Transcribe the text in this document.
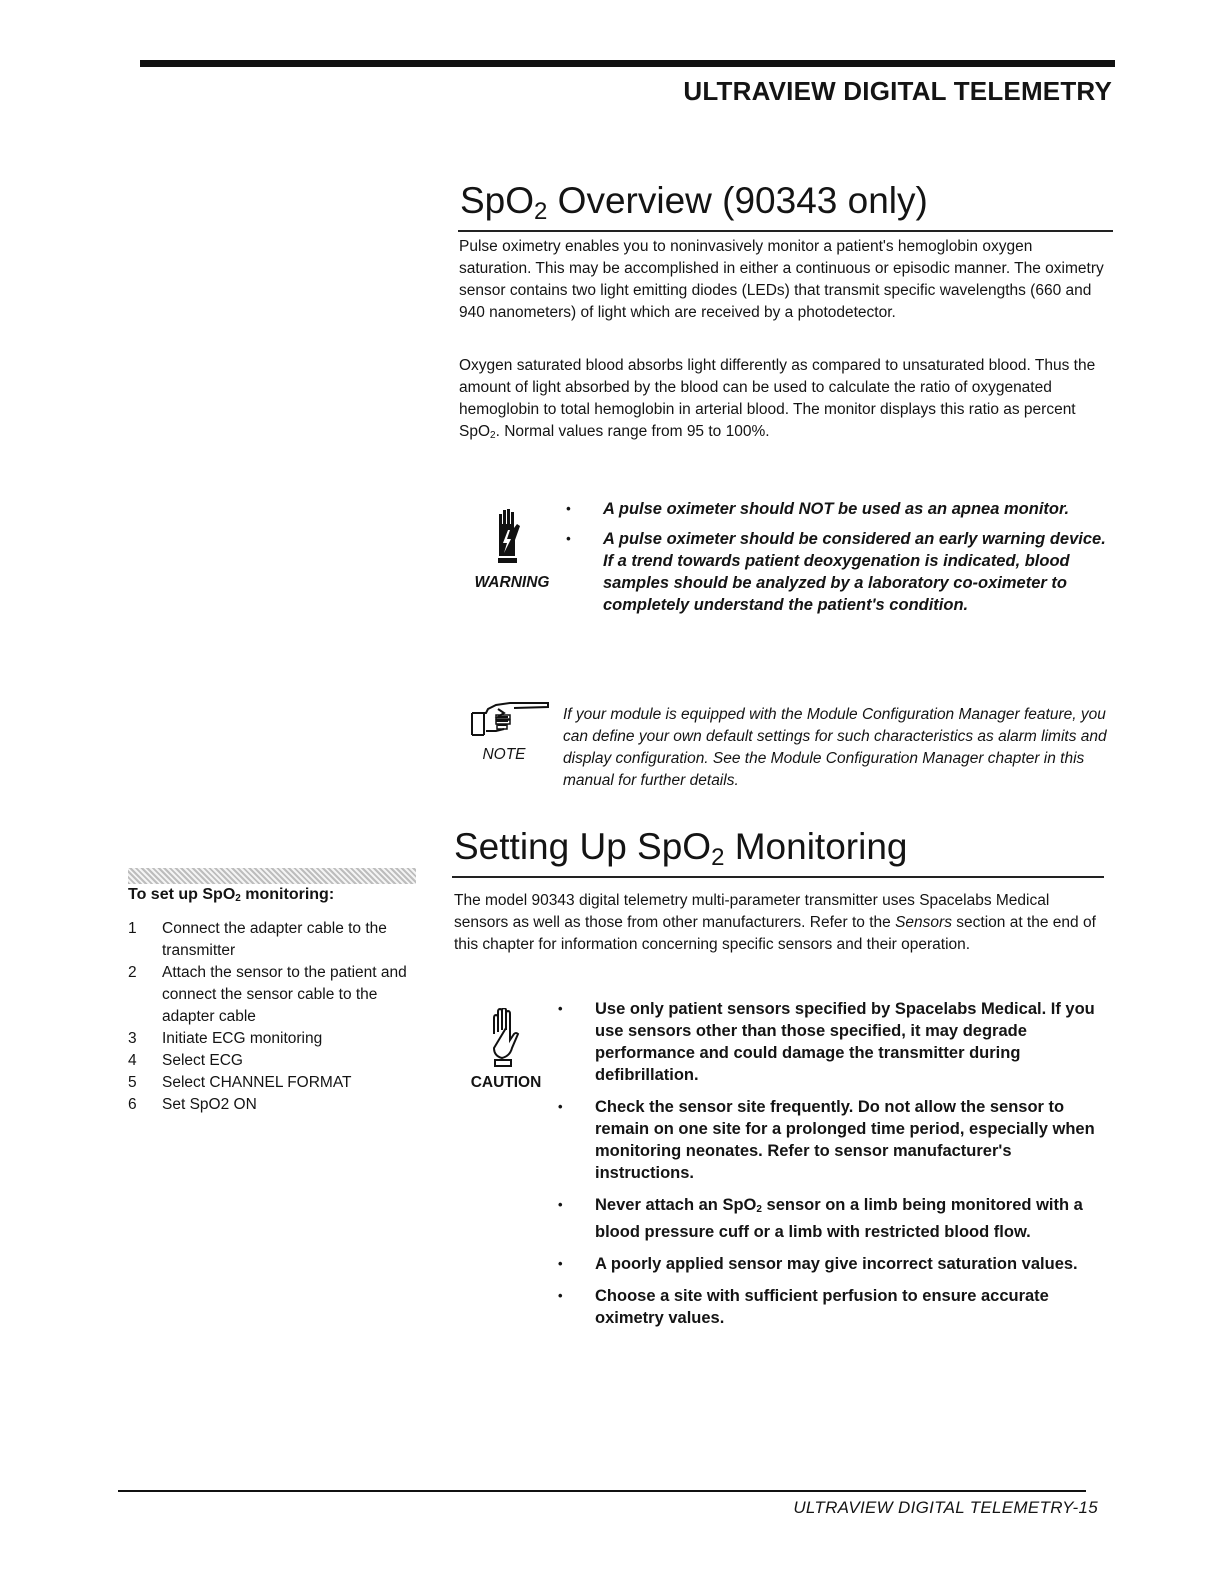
ULTRAVIEW DIGITAL TELEMETRY
SpO$_2$ Overview (90343 only)

Pulse oximetry enables you to noninvasively monitor a patient's hemoglobin oxygen saturation. This may be accomplished in either a continuous or episodic manner. The oximetry sensor contains two light emitting diodes (LEDs) that transmit specific wavelengths (660 and 940 nanometers) of light which are received by a photodetector.

Oxygen saturated blood absorbs light differently as compared to unsaturated blood. Thus the amount of light absorbed by the blood can be used to calculate the ratio of oxygenated hemoglobin to total hemoglobin in arterial blood. The monitor displays this ratio as percent SpO$_2$. Normal values range from 95 to 100%.

WARNING
• A pulse oximeter should NOT be used as an apnea monitor.
• A pulse oximeter should be considered an early warning device. If a trend towards patient deoxygenation is indicated, blood samples should be analyzed by a laboratory co-oximeter to completely understand the patient's condition.
NOTE

If your module is equipped with the Module Configuration Manager feature, you can define your own default settings for such characteristics as alarm limits and display configuration. See the Module Configuration Manager chapter in this manual for further details.

To set up SpO$_2$ monitoring:
1	Connect the adapter cable to the transmitter
2	Attach the sensor to the patient and connect the sensor cable to the adapter cable
3	Initiate ECG monitoring
4	Select ECG
5	Select CHANNEL FORMAT
6	Set SpO2 ON
Setting Up SpO$_2$ Monitoring

The model 90343 digital telemetry multi-parameter transmitter uses Spacelabs Medical sensors as well as those from other manufacturers. Refer to the Sensors section at the end of this chapter for information concerning specific sensors and their operation.

CAUTION
• Use only patient sensors specified by Spacelabs Medical. If you use sensors other than those specified, it may degrade performance and could damage the transmitter during defibrillation.
• Check the sensor site frequently. Do not allow the sensor to remain on one site for a prolonged time period, especially when monitoring neonates. Refer to sensor manufacturer's instructions.
• Never attach an SpO$_2$ sensor on a limb being monitored with a blood pressure cuff or a limb with restricted blood flow.
• A poorly applied sensor may give incorrect saturation values.
• Choose a site with sufficient perfusion to ensure accurate oximetry values.
ULTRAVIEW DIGITAL TELEMETRY-15
